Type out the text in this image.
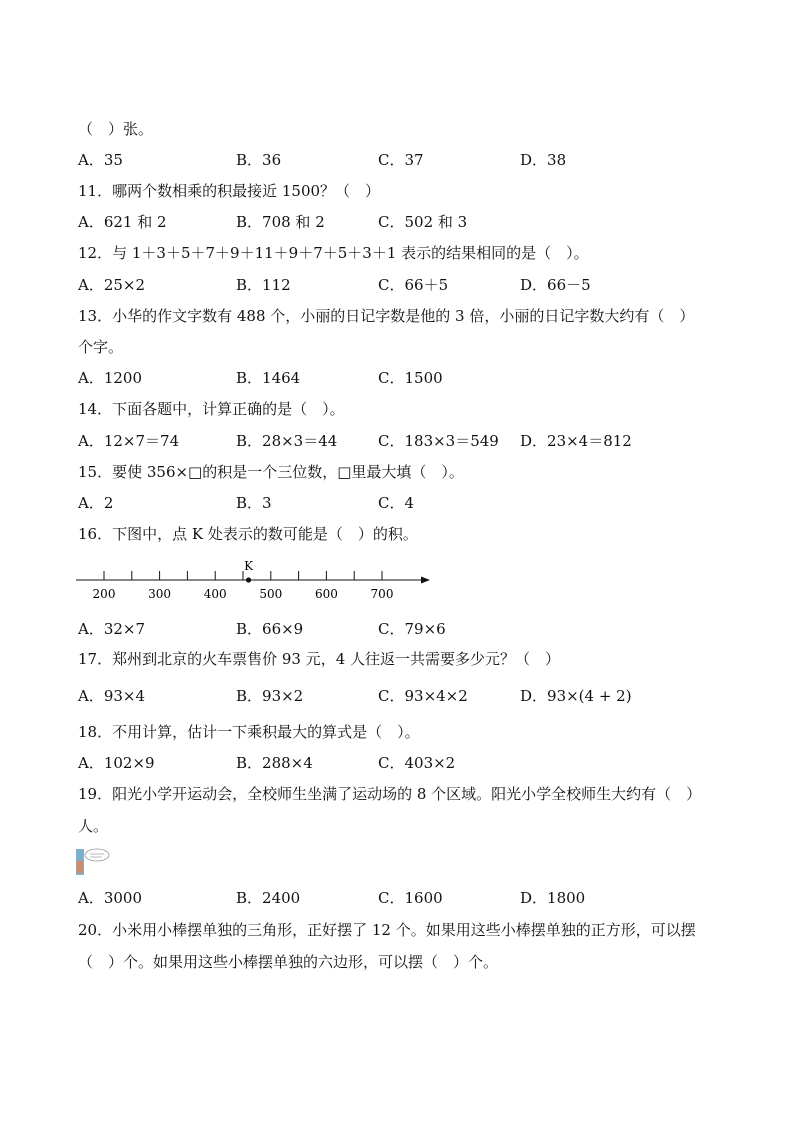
（　）张。
A．35	B．36	C．37	D．38
11．哪两个数相乘的积最接近 1500？（　）
A．621 和 2	B．708 和 2	C．502 和 3
12．与 1＋3＋5＋7＋9＋11＋9＋7＋5＋3＋1 表示的结果相同的是（　）。
A．25×2	B．112	C．66＋5	D．66－5
13．小华的作文字数有 488 个，小丽的日记字数是他的 3 倍，小丽的日记字数大约有（　）
个字。
A．1200	B．1464	C．1500
14．下面各题中，计算正确的是（　）。
A．12×7＝74	B．28×3＝44	C．183×3＝549 D．23×4＝812
15．要使 356×□的积是一个三位数，□里最大填（　）。
A．2	B．3	C．4
16．下图中，点 K 处表示的数可能是（　）的积。
200	300	400	500	600	700
K
A．32×7	B．66×9	C．79×6
17．郑州到北京的火车票售价 93 元，4 人往返一共需要多少元？（　）
A．93×4	B．93×2	C．93×4×2	D．93×(4 + 2)
18．不用计算，估计一下乘积最大的算式是（　）。
A．102×9	B．288×4	C．403×2
19．阳光小学开运动会，全校师生坐满了运动场的 8 个区域。阳光小学全校师生大约有（　）
人。
A．3000	B．2400	C．1600	D．1800
20．小米用小棒摆单独的三角形，正好摆了 12 个。如果用这些小棒摆单独的正方形，可以摆
（　）个。如果用这些小棒摆单独的六边形，可以摆（　）个。
